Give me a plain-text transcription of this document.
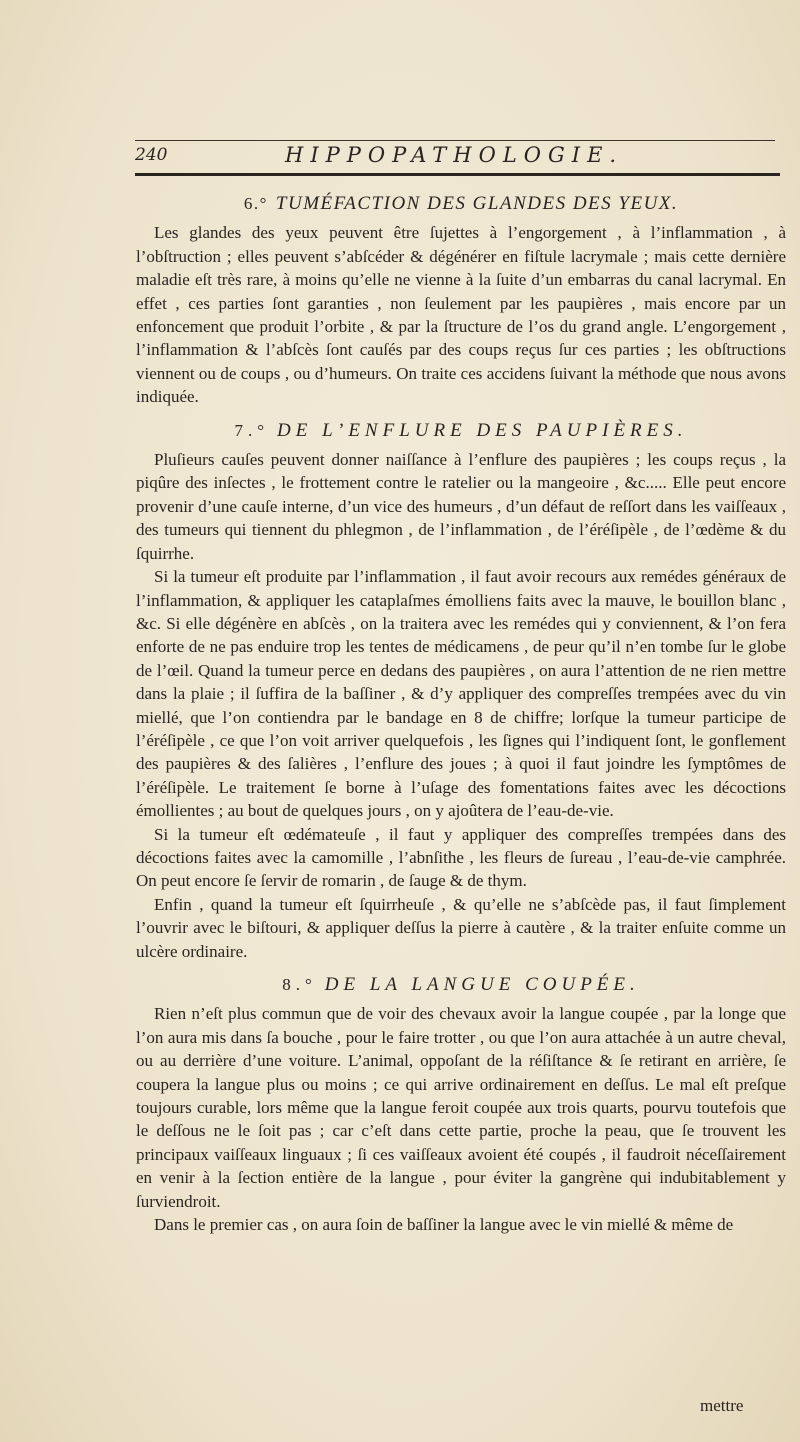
240	HIPPOPATHOLOGIE.
6.° TUMÉFACTION DES GLANDES DES YEUX.

Les glandes des yeux peuvent être ſujettes à l’engorgement , à l’inflammation , à l’obſtruction ; elles peuvent s’abſcéder & dégénérer en fiſtule lacrymale ; mais cette dernière maladie eſt très rare, à moins qu’elle ne vienne à la ſuite d’un embarras du canal lacrymal. En effet , ces parties ſont garanties , non ſeulement par les paupières , mais encore par un enfoncement que produit l’orbite , & par la ſtructure de l’os du grand angle. L’engorgement , l’inflammation & l’abſcès ſont cauſés par des coups reçus ſur ces parties ; les obſtructions viennent ou de coups , ou d’humeurs. On traite ces accidens ſuivant la méthode que nous avons indiquée.

7.° DE L’ENFLURE DES PAUPIÈRES.

Pluſieurs cauſes peuvent donner naiſſance à l’enflure des paupières ; les coups reçus , la piqûre des inſectes , le frottement contre le ratelier ou la mangeoire , &c..... Elle peut encore provenir d’une cauſe interne, d’un vice des humeurs , d’un défaut de reſſort dans les vaiſſeaux , des tumeurs qui tiennent du phlegmon , de l’inflammation , de l’éréſipèle , de l’œdème & du ſquirrhe.

Si la tumeur eſt produite par l’inflammation , il faut avoir recours aux remédes généraux de l’inflammation, & appliquer les cataplaſmes émolliens faits avec la mauve, le bouillon blanc , &c. Si elle dégénère en abſcès , on la traitera avec les remédes qui y conviennent, & l’on fera enforte de ne pas enduire trop les tentes de médicamens , de peur qu’il n’en tombe ſur le globe de l’œil. Quand la tumeur perce en dedans des paupières , on aura l’attention de ne rien mettre dans la plaie ; il ſuffira de la baſſiner , & d’y appliquer des compreſſes trempées avec du vin miellé, que l’on contiendra par le bandage en 8 de chiffre; lorſque la tumeur participe de l’éréſipèle , ce que l’on voit arriver quelquefois , les ſignes qui l’indiquent ſont, le gonflement des paupières & des ſalières , l’enflure des joues ; à quoi il faut joindre les ſymptômes de l’éréſipèle. Le traitement ſe borne à l’uſage des fomentations faites avec les décoctions émollientes ; au bout de quelques jours , on y ajoûtera de l’eau-de-vie.

Si la tumeur eſt œdémateuſe , il faut y appliquer des compreſſes trempées dans des décoctions faites avec la camomille , l’abnſithe , les fleurs de ſureau , l’eau-de-vie camphrée. On peut encore ſe ſervir de romarin , de ſauge & de thym.

Enfin , quand la tumeur eſt ſquirrheuſe , & qu’elle ne s’abſcède pas, il faut ſimplement l’ouvrir avec le biſtouri, & appliquer deſſus la pierre à cautère , & la traiter enſuite comme un ulcère ordinaire.

8.° DE LA LANGUE COUPÉE.

Rien n’eſt plus commun que de voir des chevaux avoir la langue coupée , par la longe que l’on aura mis dans ſa bouche , pour le faire trotter , ou que l’on aura attachée à un autre cheval, ou au derrière d’une voiture. L’animal, oppoſant de la réſiſtance & ſe retirant en arrière, ſe coupera la langue plus ou moins ; ce qui arrive ordinairement en deſſus. Le mal eſt preſque toujours curable, lors même que la langue feroit coupée aux trois quarts, pourvu toutefois que le deſſous ne le ſoit pas ; car c’eſt dans cette partie, proche la peau, que ſe trouvent les principaux vaiſſeaux linguaux ; ſi ces vaiſſeaux avoient été coupés , il faudroit néceſſairement en venir à la ſection entière de la langue , pour éviter la gangrène qui indubitablement y ſurviendroit.

Dans le premier cas , on aura ſoin de baſſiner la langue avec le vin miellé & même de

mettre
